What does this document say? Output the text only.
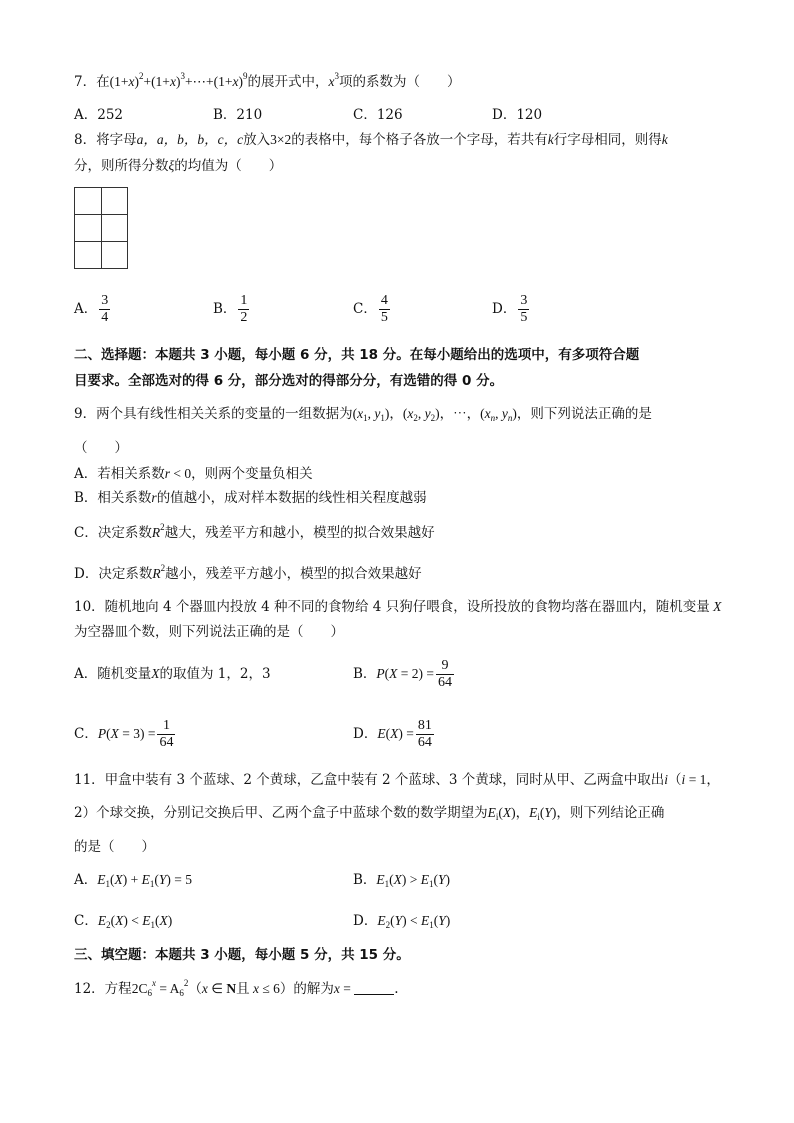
7．在$(1+x)^2+(1+x)^3+\cdots+(1+x)^9$的展开式中，$x^3$项的系数为（　　）
A．252	B．210	C．126	D．120
8．将字母a，a，b，b，c，c放入3×2的表格中，每个格子各放一个字母，若共有k行字母相同，则得k
分，则所得分数ξ的均值为（　　）
A． $\frac{3}{4}$	B． $\frac{1}{2}$	C． $\frac{4}{5}$	D． $\frac{3}{5}$
二、选择题：本题共 3 小题，每小题 6 分，共 18 分。在每小题给出的选项中，有多项符合题
目要求。全部选对的得 6 分，部分选对的得部分分，有选错的得 0 分。
9．两个具有线性相关关系的变量的一组数据为($x_1$, $y_1$)，($x_2$, $y_2$)，⋯，($x_n$, $y_n$)，则下列说法正确的是
（　　）
A．若相关系数r < 0，则两个变量负相关
B．相关系数r的值越小，成对样本数据的线性相关程度越弱
C．决定系数$R^2$越大，残差平方和越小，模型的拟合效果越好
D．决定系数$R^2$越小，残差平方越小，模型的拟合效果越好
10．随机地向 4 个器皿内投放 4 种不同的食物给 4 只狗仔喂食，设所投放的食物均落在器皿内，随机变量 X
为空器皿个数，则下列说法正确的是（　　）
A．随机变量X的取值为 1，2，3	B．$P(X = 2) = \frac{9}{64}$
C．$P(X = 3) = \frac{1}{64}$	D．$E(X) = \frac{81}{64}$
11．甲盒中装有 3 个蓝球、2 个黄球，乙盒中装有 2 个蓝球、3 个黄球，同时从甲、乙两盒中取出i（i = 1，
2）个球交换，分别记交换后甲、乙两个盒子中蓝球个数的数学期望为$E_i(X)$，$E_i(Y)$，则下列结论正确
的是（　　）
A．$E_1(X) + E_1(Y) = 5$	B．$E_1(X) > E_1(Y)$
C．$E_2(X) < E_1(X)$	D．$E_2(Y) < E_1(Y)$
三、填空题：本题共 3 小题，每小题 5 分，共 15 分。
12．方程$2C_6^x = A_6^2(x$ ∈ N且 x ≤ 6）的解为x =	.
